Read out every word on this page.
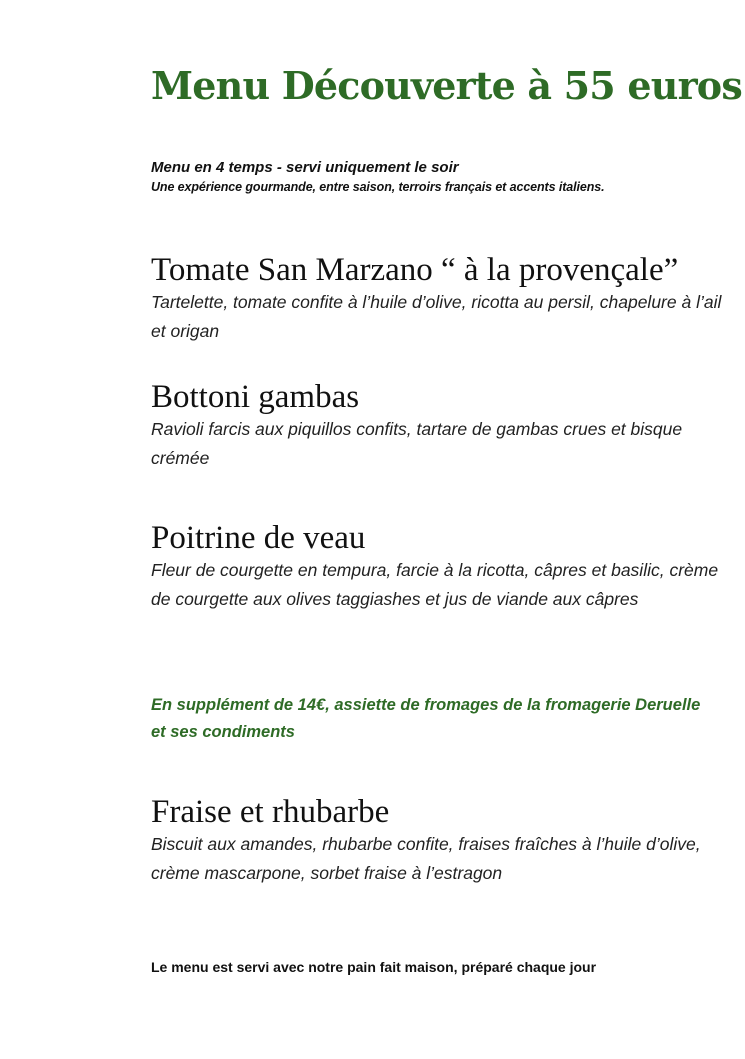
Menu Découverte à 55 euros
Menu en 4 temps - servi uniquement le soir
Une expérience gourmande, entre saison, terroirs français et accents italiens.
Tomate San Marzano “ à la provençale”

Tartelette, tomate confite à l’huile d’olive, ricotta au persil, chapelure à l’ail et origan

Bottoni gambas

Ravioli farcis aux piquillos confits, tartare de gambas crues et bisque crémée

Poitrine de veau

Fleur de courgette en tempura, farcie à la ricotta, câpres et basilic, crème de courgette aux olives taggiashes et jus de viande aux câpres

En supplément de 14€, assiette de fromages de la fromagerie Deruelle et ses condiments

Fraise et rhubarbe

Biscuit aux amandes, rhubarbe confite, fraises fraîches à l’huile d’olive, crème mascarpone, sorbet fraise à l’estragon

Le menu est servi avec notre pain fait maison, préparé chaque jour
